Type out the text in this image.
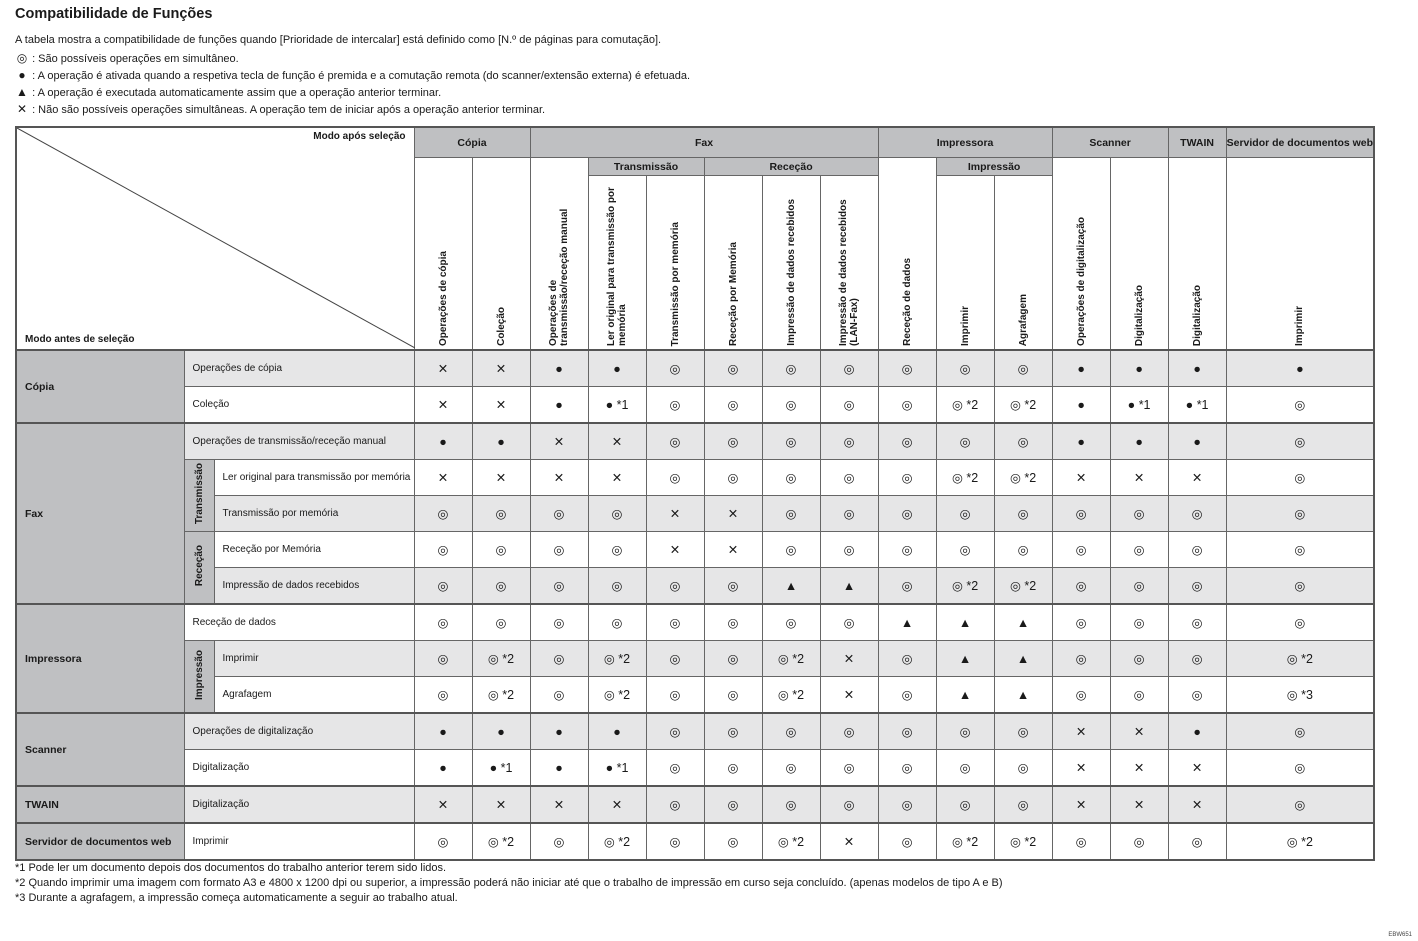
Compatibilidade de Funções
A tabela mostra a compatibilidade de funções quando [Prioridade de intercalar] está definido como [N.º de páginas para comutação].
◎ : São possíveis operações em simultâneo.
● : A operação é ativada quando a respetiva tecla de função é premida e a comutação remota (do scanner/extensão externa) é efetuada.
▲ : A operação é executada automaticamente assim que a operação anterior terminar.
✕ : Não são possíveis operações simultâneas. A operação tem de iniciar após a operação anterior terminar.
Modo após seleção
Modo antes de seleção			Cópia		Fax						Impressora			Scanner		TWAIN	Servidor de documentos web
			Operações de cópia	Coleção	Operações de transmissão/receção manual	Transmissão		Receção			Receção de dados	Impressão		Operações de digitalização	Digitalização	Digitalização	Imprimir
						Ler original para transmissão por memória	Transmissão por memória	Receção por Memória	Impressão de dados recebidos	Impressão de dados recebidos (LAN-Fax)		Imprimir	Agrafagem				
Cópia	Operações de cópia		✕	✕	●	●	◎	◎	◎	◎	◎	◎	◎	●	●	●	●
	Coleção		✕	✕	●	● *1	◎	◎	◎	◎	◎	◎ *2	◎ *2	●	● *1	● *1	◎
Fax	Operações de transmissão/receção manual		●	●	✕	✕	◎	◎	◎	◎	◎	◎	◎	●	●	●	◎
	Transmissão	Ler original para transmissão por memória	✕	✕	✕	✕	◎	◎	◎	◎	◎	◎ *2	◎ *2	✕	✕	✕	◎
		Transmissão por memória	◎	◎	◎	◎	✕	✕	◎	◎	◎	◎	◎	◎	◎	◎	◎
	Receção	Receção por Memória	◎	◎	◎	◎	✕	✕	◎	◎	◎	◎	◎	◎	◎	◎	◎
		Impressão de dados recebidos	◎	◎	◎	◎	◎	◎	▲	▲	◎	◎ *2	◎ *2	◎	◎	◎	◎
Impressora	Receção de dados		◎	◎	◎	◎	◎	◎	◎	◎	▲	▲	▲	◎	◎	◎	◎
	Impressão	Imprimir	◎	◎ *2	◎	◎ *2	◎	◎	◎ *2	✕	◎	▲	▲	◎	◎	◎	◎ *2
		Agrafagem	◎	◎ *2	◎	◎ *2	◎	◎	◎ *2	✕	◎	▲	▲	◎	◎	◎	◎ *3
Scanner	Operações de digitalização		●	●	●	●	◎	◎	◎	◎	◎	◎	◎	✕	✕	●	◎
	Digitalização		●	● *1	●	● *1	◎	◎	◎	◎	◎	◎	◎	✕	✕	✕	◎
TWAIN	Digitalização		✕	✕	✕	✕	◎	◎	◎	◎	◎	◎	◎	✕	✕	✕	◎
Servidor de documentos web	Imprimir		◎	◎ *2	◎	◎ *2	◎	◎	◎ *2	✕	◎	◎ *2	◎ *2	◎	◎	◎	◎ *2
*1 Pode ler um documento depois dos documentos do trabalho anterior terem sido lidos.
*2 Quando imprimir uma imagem com formato A3 e 4800 x 1200 dpi ou superior, a impressão poderá não iniciar até que o trabalho de impressão em curso seja concluído. (apenas modelos de tipo A e B)
*3 Durante a agrafagem, a impressão começa automaticamente a seguir ao trabalho atual.
EBW651
